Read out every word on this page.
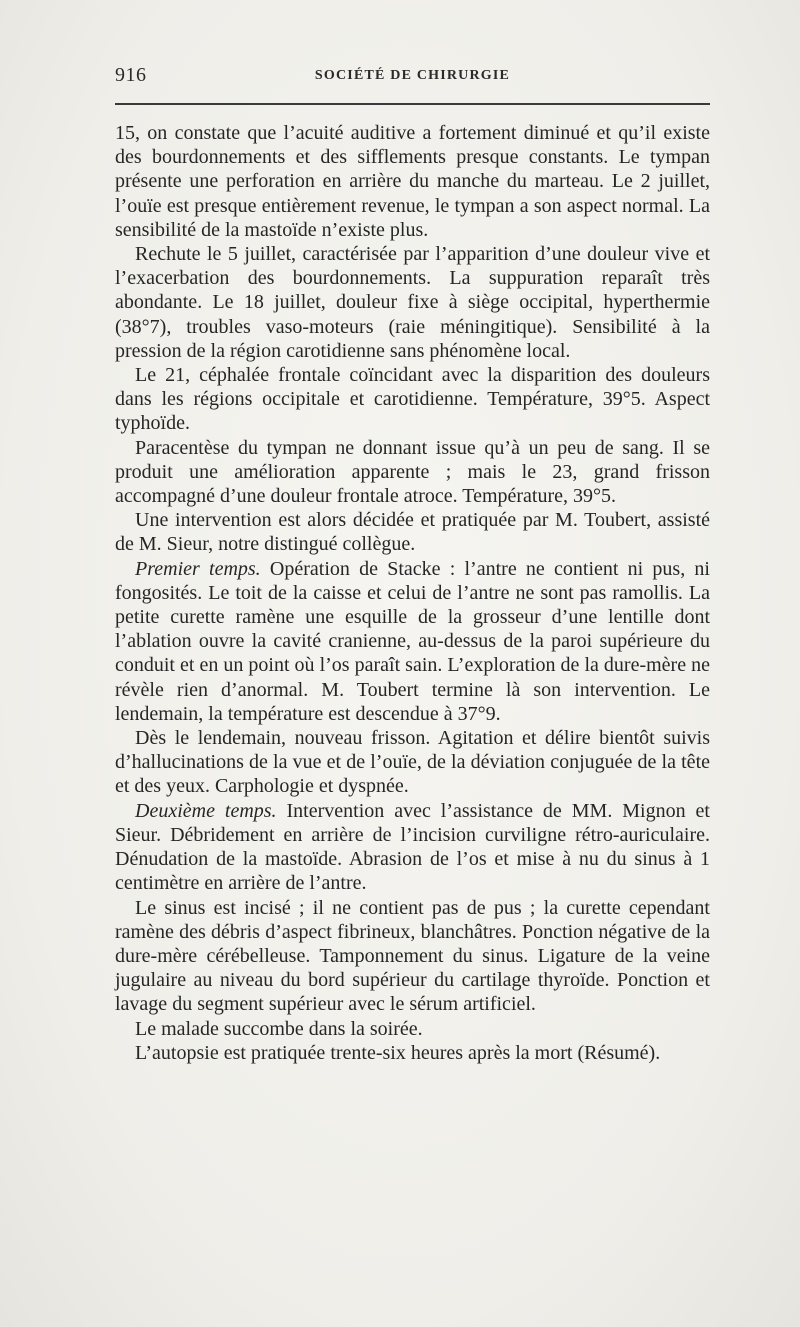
916	SOCIÉTÉ DE CHIRURGIE

15, on constate que l’acuité auditive a fortement diminué et qu’il existe des bourdonnements et des sifflements presque constants. Le tympan présente une perforation en arrière du manche du marteau. Le 2 juillet, l’ouïe est presque entièrement revenue, le tympan a son aspect normal. La sensibilité de la mastoïde n’existe plus.

Rechute le 5 juillet, caractérisée par l’apparition d’une douleur vive et l’exacerbation des bourdonnements. La suppuration reparaît très abondante. Le 18 juillet, douleur fixe à siège occipital, hyperthermie (38°7), troubles vaso-moteurs (raie méningitique). Sensibilité à la pression de la région carotidienne sans phénomène local.

Le 21, céphalée frontale coïncidant avec la disparition des douleurs dans les régions occipitale et carotidienne. Température, 39°5. Aspect typhoïde.

Paracentèse du tympan ne donnant issue qu’à un peu de sang. Il se produit une amélioration apparente ; mais le 23, grand frisson accompagné d’une douleur frontale atroce. Température, 39°5.

Une intervention est alors décidée et pratiquée par M. Toubert, assisté de M. Sieur, notre distingué collègue.

Premier temps. Opération de Stacke : l’antre ne contient ni pus, ni fongosités. Le toit de la caisse et celui de l’antre ne sont pas ramollis. La petite curette ramène une esquille de la grosseur d’une lentille dont l’ablation ouvre la cavité cranienne, au-dessus de la paroi supérieure du conduit et en un point où l’os paraît sain. L’exploration de la dure-mère ne révèle rien d’anormal. M. Toubert termine là son intervention. Le lendemain, la température est descendue à 37°9.

Dès le lendemain, nouveau frisson. Agitation et délire bientôt suivis d’hallucinations de la vue et de l’ouïe, de la déviation conjuguée de la tête et des yeux. Carphologie et dyspnée.

Deuxième temps. Intervention avec l’assistance de MM. Mignon et Sieur. Débridement en arrière de l’incision curviligne rétro-auriculaire. Dénudation de la mastoïde. Abrasion de l’os et mise à nu du sinus à 1 centimètre en arrière de l’antre.

Le sinus est incisé ; il ne contient pas de pus ; la curette cependant ramène des débris d’aspect fibrineux, blanchâtres. Ponction négative de la dure-mère cérébelleuse. Tamponnement du sinus. Ligature de la veine jugulaire au niveau du bord supérieur du cartilage thyroïde. Ponction et lavage du segment supérieur avec le sérum artificiel.

Le malade succombe dans la soirée.

L’autopsie est pratiquée trente-six heures après la mort (Résumé).
